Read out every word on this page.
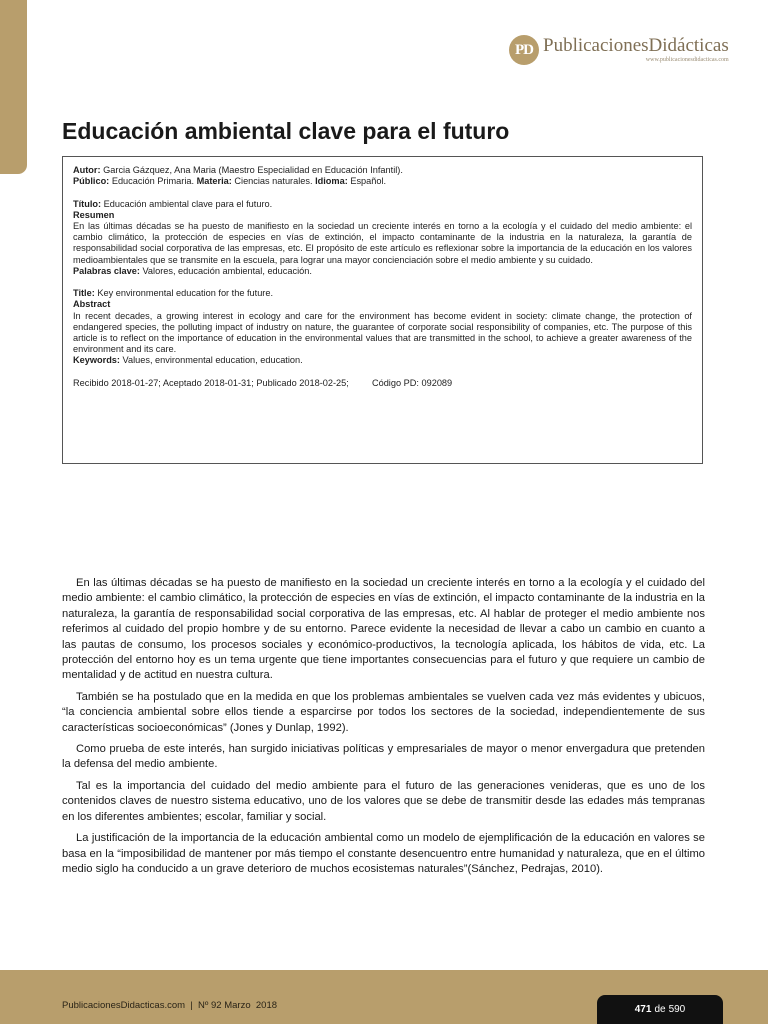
PD PublicacionesDidácticas
www.publicacionesdidacticas.com
Educación ambiental clave para el futuro

Autor: Garcia Gázquez, Ana Maria (Maestro Especialidad en Educación Infantil).

Público: Educación Primaria. Materia: Ciencias naturales. Idioma: Español.

Título: Educación ambiental clave para el futuro.

Resumen

En las últimas décadas se ha puesto de manifiesto en la sociedad un creciente interés en torno a la ecología y el cuidado del medio ambiente: el cambio climático, la protección de especies en vías de extinción, el impacto contaminante de la industria en la naturaleza, la garantía de responsabilidad social corporativa de las empresas, etc. El propósito de este artículo es reflexionar sobre la importancia de la educación en los valores medioambientales que se transmite en la escuela, para lograr una mayor concienciación sobre el medio ambiente y su cuidado.

Palabras clave: Valores, educación ambiental, educación.

Title: Key environmental education for the future.

Abstract

In recent decades, a growing interest in ecology and care for the environment has become evident in society: climate change, the protection of endangered species, the polluting impact of industry on nature, the guarantee of corporate social responsibility of companies, etc. The purpose of this article is to reflect on the importance of education in the environmental values that are transmitted in the school, to achieve a greater awareness of the environment and its care.

Keywords: Values, environmental education, education.

Recibido 2018-01-27; Aceptado 2018-01-31; Publicado 2018-02-25;	Código PD: 092089

En las últimas décadas se ha puesto de manifiesto en la sociedad un creciente interés en torno a la ecología y el cuidado del medio ambiente: el cambio climático, la protección de especies en vías de extinción, el impacto contaminante de la industria en la naturaleza, la garantía de responsabilidad social corporativa de las empresas, etc. Al hablar de proteger el medio ambiente nos referimos al cuidado del propio hombre y de su entorno. Parece evidente la necesidad de llevar a cabo un cambio en cuanto a las pautas de consumo, los procesos sociales y económico-productivos, la tecnología aplicada, los hábitos de vida, etc. La protección del entorno hoy es un tema urgente que tiene importantes consecuencias para el futuro y que requiere un cambio de mentalidad y de actitud en nuestra cultura.

También se ha postulado que en la medida en que los problemas ambientales se vuelven cada vez más evidentes y ubicuos, “la conciencia ambiental sobre ellos tiende a esparcirse por todos los sectores de la sociedad, independientemente de sus características socioeconómicas” (Jones y Dunlap, 1992).

Como prueba de este interés, han surgido iniciativas políticas y empresariales de mayor o menor envergadura que pretenden la defensa del medio ambiente.

Tal es la importancia del cuidado del medio ambiente para el futuro de las generaciones venideras, que es uno de los contenidos claves de nuestro sistema educativo, uno de los valores que se debe de transmitir desde las edades más tempranas en los diferentes ambientes; escolar, familiar y social.

La justificación de la importancia de la educación ambiental como un modelo de ejemplificación de la educación en valores se basa en la “imposibilidad de mantener por más tiempo el constante desencuentro entre humanidad y naturaleza, que en el último medio siglo ha conducido a un grave deterioro de muchos ecosistemas naturales”(Sánchez, Pedrajas, 2010).

PublicacionesDidacticas.com  |  Nº 92 Marzo  2018	471 de 590
